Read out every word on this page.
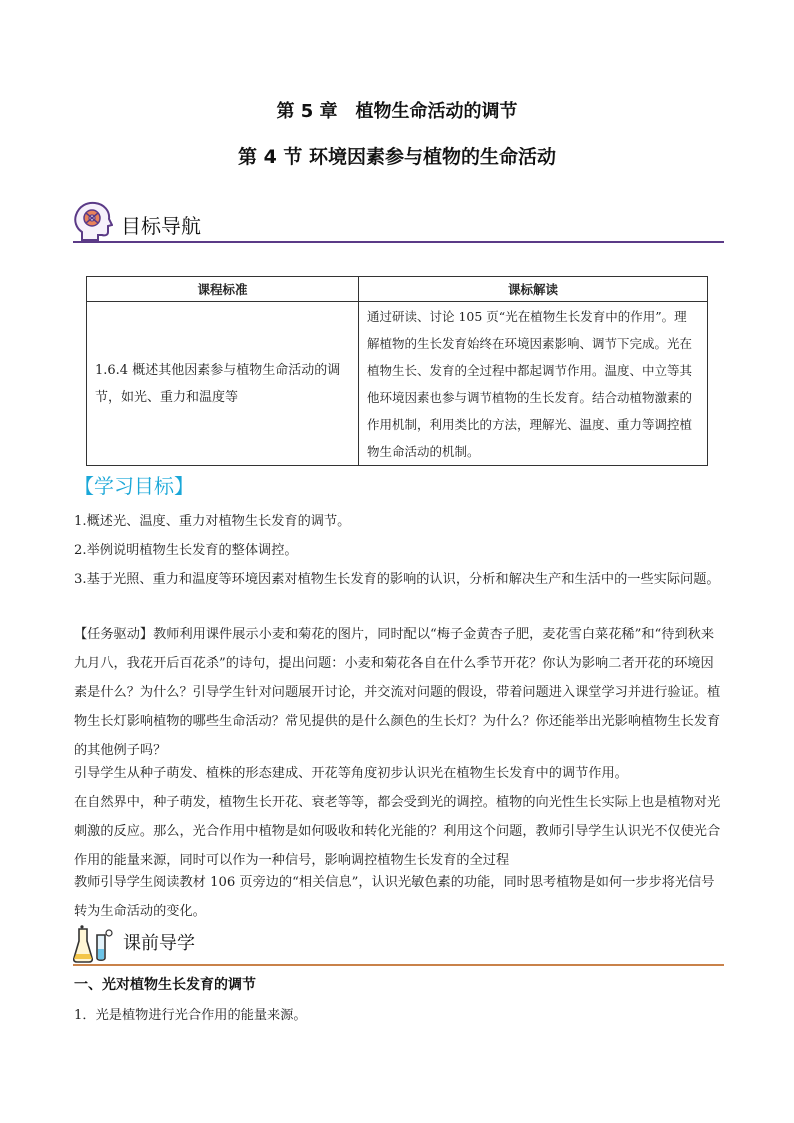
第 5 章　植物生命活动的调节
第 4 节 环境因素参与植物的生命活动
目标导航
课程标准	课标解读
1.6.4 概述其他因素参与植物生命活动的调节，如光、重力和温度等	通过研读、讨论 105 页“光在植物生长发育中的作用”。理解植物的生长发育始终在环境因素影响、调节下完成。光在植物生长、发育的全过程中都起调节作用。温度、中立等其他环境因素也参与调节植物的生长发育。结合动植物激素的作用机制，利用类比的方法，理解光、温度、重力等调控植物生命活动的机制。
【学习目标】
1.概述光、温度、重力对植物生长发育的调节。
2.举例说明植物生长发育的整体调控。
3.基于光照、重力和温度等环境因素对植物生长发育的影响的认识，分析和解决生产和生活中的一些实际问题。
【任务驱动】教师利用课件展示小麦和菊花的图片，同时配以“梅子金黄杏子肥，麦花雪白菜花稀”和“待到秋来九月八，我花开后百花杀”的诗句，提出问题：小麦和菊花各自在什么季节开花？你认为影响二者开花的环境因素是什么？为什么？引导学生针对问题展开讨论，并交流对问题的假设，带着问题进入课堂学习并进行验证。植物生长灯影响植物的哪些生命活动？常见提供的是什么颜色的生长灯？为什么？你还能举出光影响植物生长发育的其他例子吗？
引导学生从种子萌发、植株的形态建成、开花等角度初步认识光在植物生长发育中的调节作用。
在自然界中，种子萌发，植物生长开花、衰老等等，都会受到光的调控。植物的向光性生长实际上也是植物对光刺激的反应。那么，光合作用中植物是如何吸收和转化光能的？利用这个问题，教师引导学生认识光不仅使光合作用的能量来源，同时可以作为一种信号，影响调控植物生长发育的全过程
教师引导学生阅读教材 106 页旁边的“相关信息”，认识光敏色素的功能，同时思考植物是如何一步步将光信号转为生命活动的变化。
课前导学
一、光对植物生长发育的调节
1．光是植物进行光合作用的能量来源。
